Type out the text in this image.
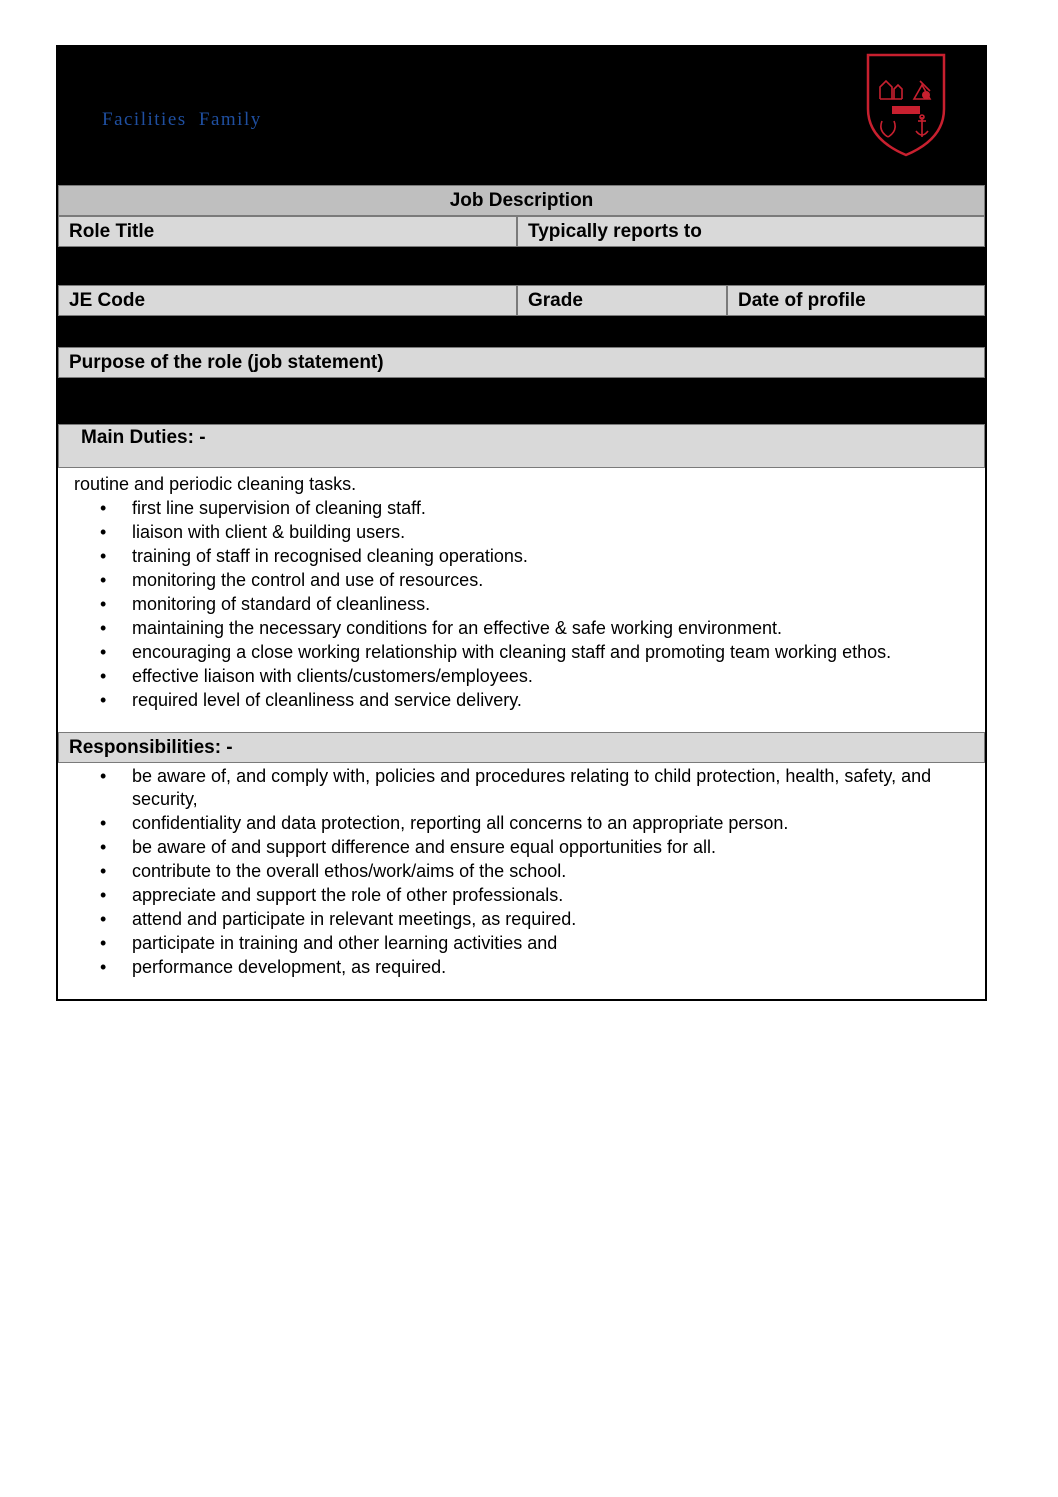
Facilities Family
Job Description
Role Title	Typically reports to
JE Code	Grade	Date of profile
Purpose of the role (job statement)
Main Duties: -
routine and periodic cleaning tasks.
• first line supervision of cleaning staff.
• liaison with client & building users.
• training of staff in recognised cleaning operations.
• monitoring the control and use of resources.
• monitoring of standard of cleanliness.
• maintaining the necessary conditions for an effective & safe working environment.
• encouraging a close working relationship with cleaning staff and promoting team working ethos.
• effective liaison with clients/customers/employees.
• required level of cleanliness and service delivery.
Responsibilities: -
• be aware of, and comply with, policies and procedures relating to child protection, health, safety, and security,
• confidentiality and data protection, reporting all concerns to an appropriate person.
• be aware of and support difference and ensure equal opportunities for all.
• contribute to the overall ethos/work/aims of the school.
• appreciate and support the role of other professionals.
• attend and participate in relevant meetings, as required.
• participate in training and other learning activities and
• performance development, as required.
